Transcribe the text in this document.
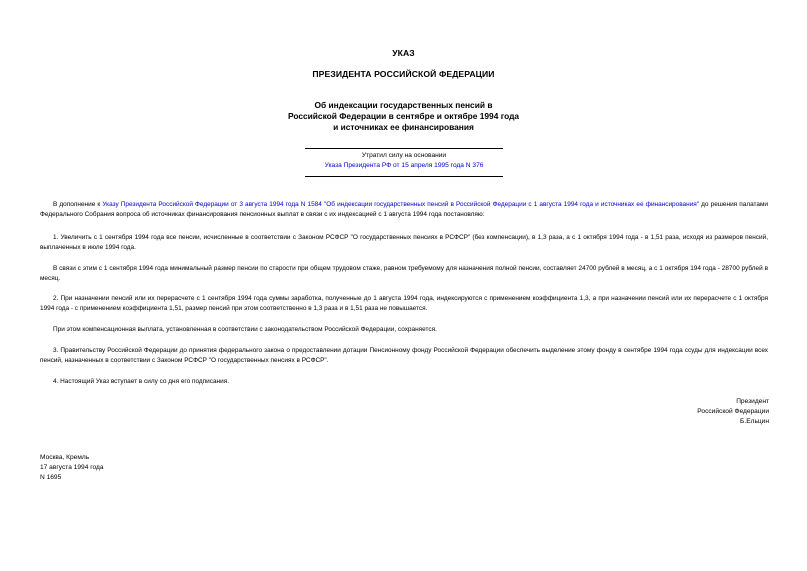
УКАЗ
ПРЕЗИДЕНТА РОССИЙСКОЙ ФЕДЕРАЦИИ
Об индексации государственных пенсий в
Российской Федерации в сентябре и октябре 1994 года
и источниках ее финансирования
Утратил силу на основании
Указа Президента РФ от 15 апреля 1995 года N 376
В дополнение к Указу Президента Российской Федерации от 3 августа 1994 года N 1584 "Об индексации государственных пенсий в Российской Федерации с 1 августа 1994 года и источниках ее финансирования" до решения палатами Федерального Собрания вопроса об источниках финансирования пенсионных выплат в связи с их индексацией с 1 августа 1994 года постановляю:
1. Увеличить с 1 сентября 1994 года все пенсии, исчисленные в соответствии с Законом РСФСР "О государственных пенсиях в РСФСР" (без компенсации), в 1,3 раза, а с 1 октября 1994 года - в 1,51 раза, исходя из размеров пенсий, выплаченных в июле 1994 года.
В связи с этим с 1 сентября 1994 года минимальный размер пенсии по старости при общем трудовом стаже, равном требуемому для назначения полной пенсии, составляет 24700 рублей в месяц, а с 1 октября 194 года - 28700 рублей в месяц.
2. При назначении пенсий или их перерасчете с 1 сентября 1994 года суммы заработка, полученные до 1 августа 1994 года, индексируются с применением коэффициента 1,3, а при назначении пенсий или их перерасчете с 1 октября 1994 года - с применением коэффициента 1,51, размер пенсий при этом соответственно в 1,3 раза и в 1,51 раза не повышается.
При этом компенсационная выплата, установленная в соответствии с законодательством Российской Федерации, сохраняется.
3. Правительству Российской Федерации до принятия федерального закона о предоставлении дотации Пенсионному фонду Российской Федерации обеспечить выделение этому фонду в сентябре 1994 года ссуды для индексации всех пенсий, назначенных в соответствии с Законом РСФСР "О государственных пенсиях в РСФСР".
4. Настоящий Указ вступает в силу со дня его подписания.
Президент
Российской Федерации
Б.Ельцин
Москва, Кремль
17 августа 1994 года
N 1695
